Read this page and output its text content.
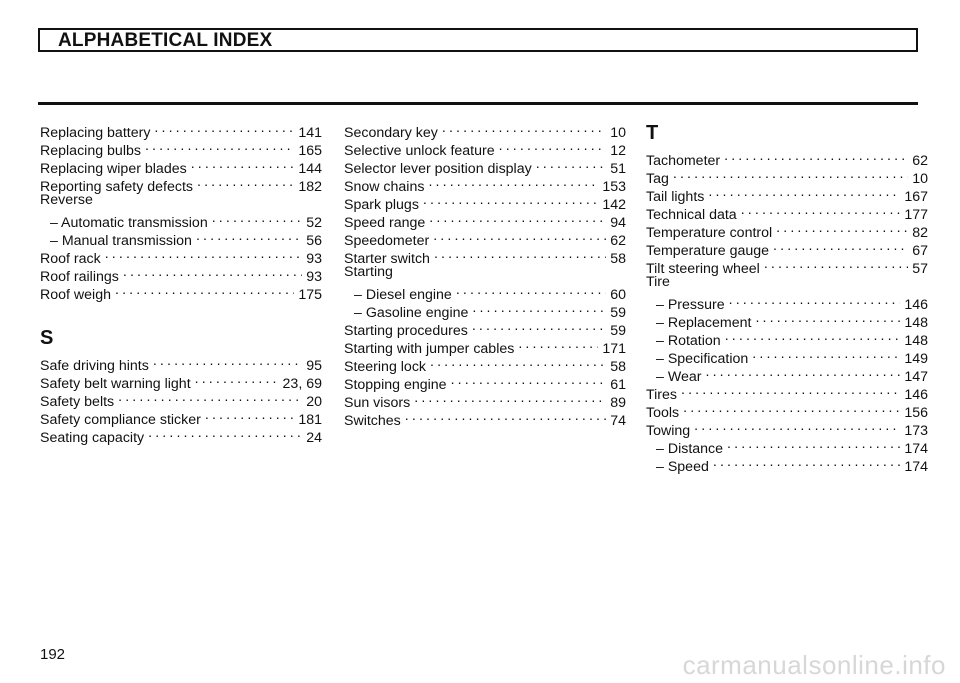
ALPHABETICAL INDEX
Replacing battery . . .	141
Replacing bulbs . . .	165
Replacing wiper blades . . .	144
Reporting safety defects . . .	182
Reverse
– Automatic transmission . . .	52
– Manual transmission . . .	56
Roof rack . . .	93
Roof railings . . .	93
Roof weigh . . .	175
S
Safe driving hints . . .	95
Safety belt warning light . . .	23, 69
Safety belts . . .	20
Safety compliance sticker . . .	181
Seating capacity . . .	24
Secondary key . . .	10
Selective unlock feature . . .	12
Selector lever position display . . .	51
Snow chains . . .	153
Spark plugs . . .	142
Speed range . . .	94
Speedometer . . .	62
Starter switch . . .	58
Starting
– Diesel engine . . .	60
– Gasoline engine . . .	59
Starting procedures . . .	59
Starting with jumper cables . . .	171
Steering lock . . .	58
Stopping engine . . .	61
Sun visors . . .	89
Switches . . .	74
T
Tachometer . . .	62
Tag . . .	10
Tail lights . . .	167
Technical data . . .	177
Temperature control . . .	82
Temperature gauge . . .	67
Tilt steering wheel . . .	57
Tire
– Pressure . . .	146
– Replacement . . .	148
– Rotation . . .	148
– Specification . . .	149
– Wear . . .	147
Tires . . .	146
Tools . . .	156
Towing . . .	173
– Distance . . .	174
– Speed . . .	174
192	carmanualsonline.info
